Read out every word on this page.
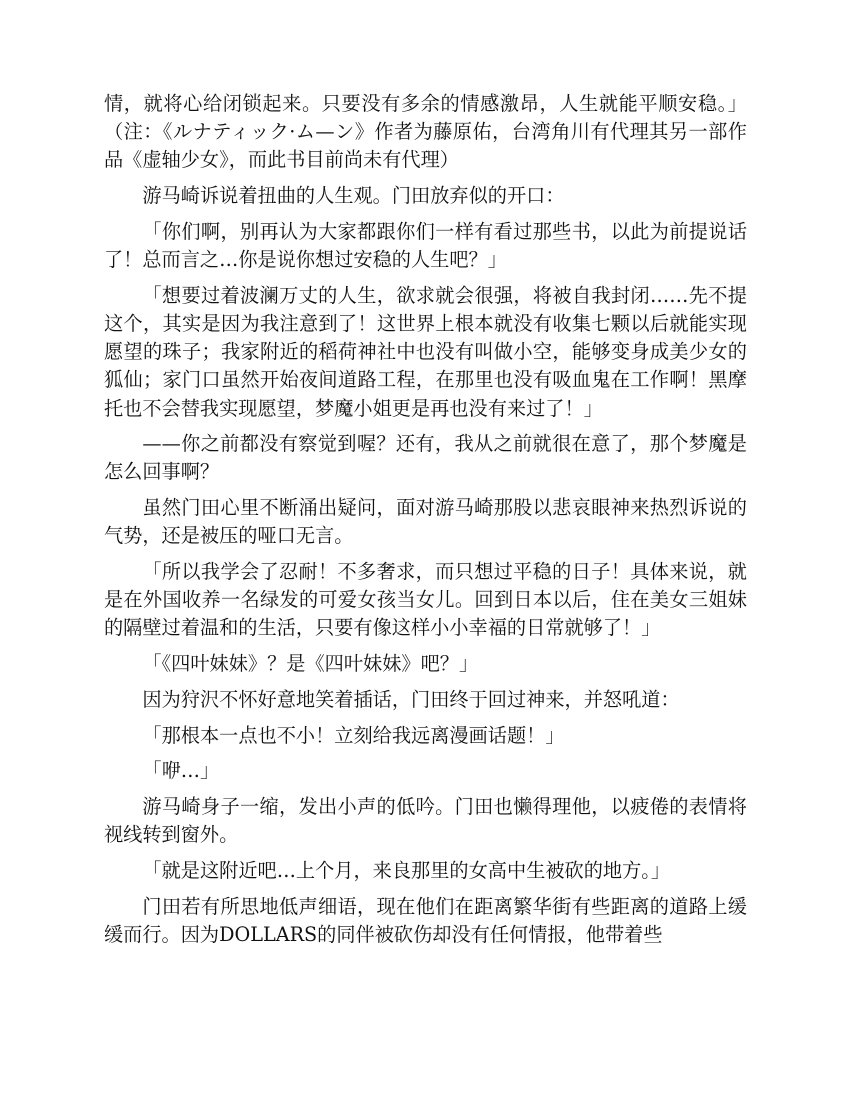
情，就将心给闭锁起来。只要没有多余的情感激昂，人生就能平顺安稳。」（注：《ルナティック·ム—ン》作者为藤原佑，台湾角川有代理其另一部作品《虚轴少女》，而此书目前尚未有代理）

游马崎诉说着扭曲的人生观。门田放弃似的开口：

「你们啊，别再认为大家都跟你们一样有看过那些书，以此为前提说话了！总而言之…你是说你想过安稳的人生吧？」

「想要过着波澜万丈的人生，欲求就会很强，将被自我封闭……先不提这个，其实是因为我注意到了！这世界上根本就没有收集七颗以后就能实现愿望的珠子；我家附近的稻荷神社中也没有叫做小空，能够变身成美少女的狐仙；家门口虽然开始夜间道路工程，在那里也没有吸血鬼在工作啊！黑摩托也不会替我实现愿望，梦魔小姐更是再也没有来过了！」

——你之前都没有察觉到喔？还有，我从之前就很在意了，那个梦魔是怎么回事啊？

虽然门田心里不断涌出疑问，面对游马崎那股以悲哀眼神来热烈诉说的气势，还是被压的哑口无言。

「所以我学会了忍耐！不多奢求，而只想过平稳的日子！具体来说，就是在外国收养一名绿发的可爱女孩当女儿。回到日本以后，住在美女三姐妹的隔壁过着温和的生活，只要有像这样小小幸福的日常就够了！」

「《四叶妹妹》？是《四叶妹妹》吧？」

因为狩沢不怀好意地笑着插话，门田终于回过神来，并怒吼道：

「那根本一点也不小！立刻给我远离漫画话题！」

「咿…」

游马崎身子一缩，发出小声的低吟。门田也懒得理他，以疲倦的表情将视线转到窗外。

「就是这附近吧…上个月，来良那里的女高中生被砍的地方。」

门田若有所思地低声细语，现在他们在距离繁华街有些距离的道路上缓缓而行。因为DOLLARS的同伴被砍伤却没有任何情报，他带着些
